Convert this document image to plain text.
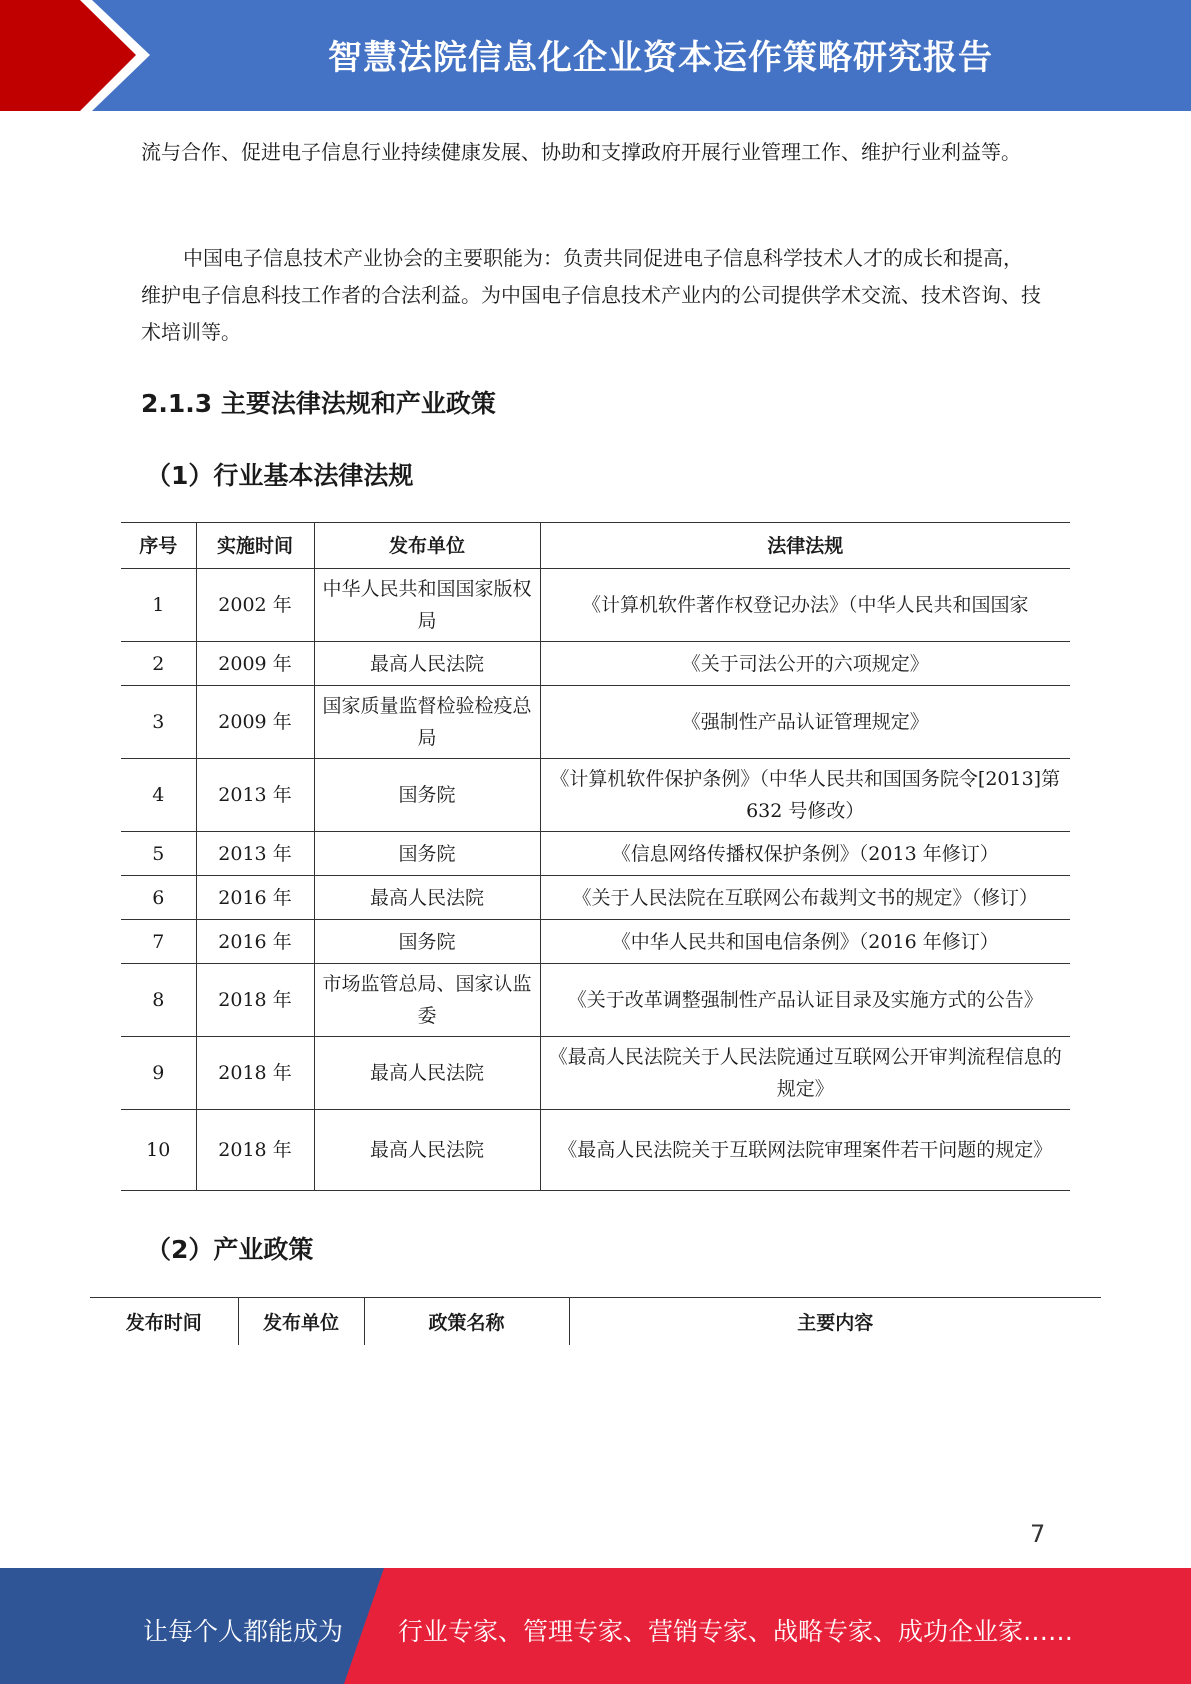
智慧法院信息化企业资本运作策略研究报告

流与合作、促进电子信息行业持续健康发展、协助和支撑政府开展行业管理工作、维护行业利益等。

中国电子信息技术产业协会的主要职能为：负责共同促进电子信息科学技术人才的成长和提高，维护电子信息科技工作者的合法利益。为中国电子信息技术产业内的公司提供学术交流、技术咨询、技术培训等。

2.1.3 主要法律法规和产业政策
（1）行业基本法律法规
序号	实施时间	发布单位	法律法规
1	2002 年	中华人民共和国国家版权局	《计算机软件著作权登记办法》（中华人民共和国国家
2	2009 年	最高人民法院	《关于司法公开的六项规定》
3	2009 年	国家质量监督检验检疫总局	《强制性产品认证管理规定》
4	2013 年	国务院	《计算机软件保护条例》（中华人民共和国国务院令[2013]第 632 号修改）
5	2013 年	国务院	《信息网络传播权保护条例》（2013 年修订）
6	2016 年	最高人民法院	《关于人民法院在互联网公布裁判文书的规定》（修订）

7	2016 年	国务院	《中华人民共和国电信条例》（2016 年修订）
8	2018 年	市场监管总局、国家认监委	《关于改革调整强制性产品认证目录及实施方式的公告》
9	2018 年	最高人民法院	《最高人民法院关于人民法院通过互联网公开审判流程信息的规定》
10	2018 年	最高人民法院	《最高人民法院关于互联网法院审理案件若干问题的规定》
（2）产业政策
发布时间	发布单位	政策名称	主要内容
7
让每个人都能成为 行业专家、管理专家、营销专家、战略专家、成功企业家……
